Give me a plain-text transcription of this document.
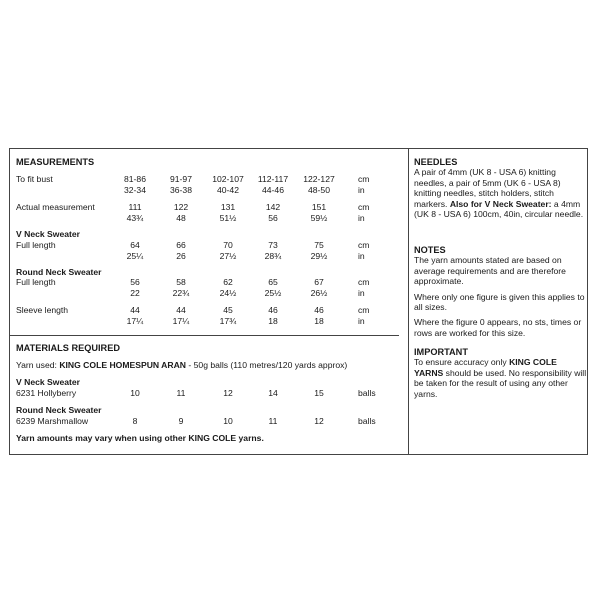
MEASUREMENTS
To fit bust	81-86	91-97	102-107	112-117	122-127	cm
32-34	36-38	40-42	44-46	48-50	in
Actual measurement	111	122	131	142	151	cm
43¾	48	51½	56	59½	in
V Neck Sweater
Full length	64	66	70	73	75	cm
25¼	26	27½	28¾	29½	in
Round Neck Sweater
Full length	56	58	62	65	67	cm
22	22¾	24½	25½	26½	in
Sleeve length	44	44	45	46	46	cm
17¼	17¼	17¾	18	18	in
MATERIALS REQUIRED
Yarn used: KING COLE HOMESPUN ARAN - 50g balls (110 metres/120 yards approx)
V Neck Sweater
6231 Hollyberry	10	11	12	14	15	balls
Round Neck Sweater
6239 Marshmallow	8	9	10	11	12	balls
Yarn amounts may vary when using other KING COLE yarns.

NEEDLES

A pair of 4mm (UK 8 - USA 6) knitting needles, a pair of 5mm (UK 6 - USA 8) knitting needles, stitch holders, stitch markers. Also for V Neck Sweater: a 4mm (UK 8 - USA 6) 100cm, 40in, circular needle.

NOTES

The yarn amounts stated are based on average requirements and are therefore approximate.

Where only one figure is given this applies to all sizes.

Where the figure 0 appears, no sts, times or rows are worked for this size.

IMPORTANT

To ensure accuracy only KING COLE YARNS should be used. No responsibility will be taken for the result of using any other yarns.
